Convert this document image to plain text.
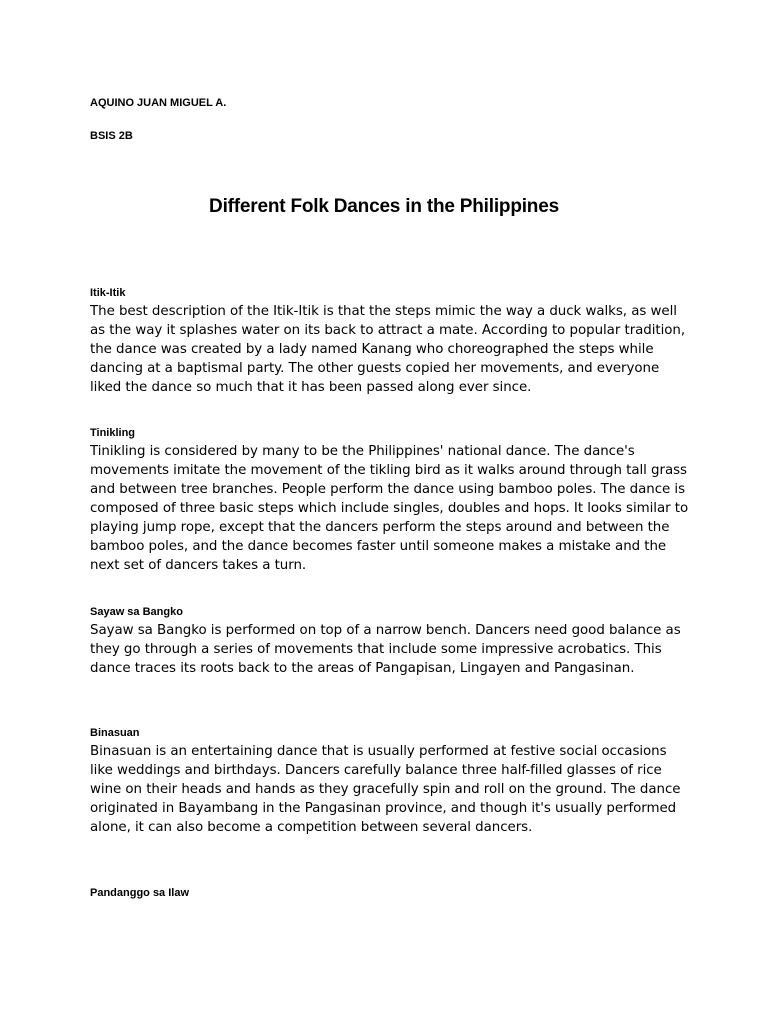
AQUINO JUAN MIGUEL A.

BSIS 2B

Different Folk Dances in the Philippines
Itik-Itik

The best description of the Itik-Itik is that the steps mimic the way a duck walks, as well as the way it splashes water on its back to attract a mate. According to popular tradition, the dance was created by a lady named Kanang who choreographed the steps while dancing at a baptismal party. The other guests copied her movements, and everyone liked the dance so much that it has been passed along ever since.

Tinikling

Tinikling is considered by many to be the Philippines' national dance. The dance's movements imitate the movement of the tikling bird as it walks around through tall grass and between tree branches. People perform the dance using bamboo poles. The dance is composed of three basic steps which include singles, doubles and hops. It looks similar to playing jump rope, except that the dancers perform the steps around and between the bamboo poles, and the dance becomes faster until someone makes a mistake and the next set of dancers takes a turn.

Sayaw sa Bangko

Sayaw sa Bangko is performed on top of a narrow bench. Dancers need good balance as they go through a series of movements that include some impressive acrobatics. This dance traces its roots back to the areas of Pangapisan, Lingayen and Pangasinan.

Binasuan

Binasuan is an entertaining dance that is usually performed at festive social occasions like weddings and birthdays. Dancers carefully balance three half-filled glasses of rice wine on their heads and hands as they gracefully spin and roll on the ground. The dance originated in Bayambang in the Pangasinan province, and though it's usually performed alone, it can also become a competition between several dancers.

Pandanggo sa Ilaw
